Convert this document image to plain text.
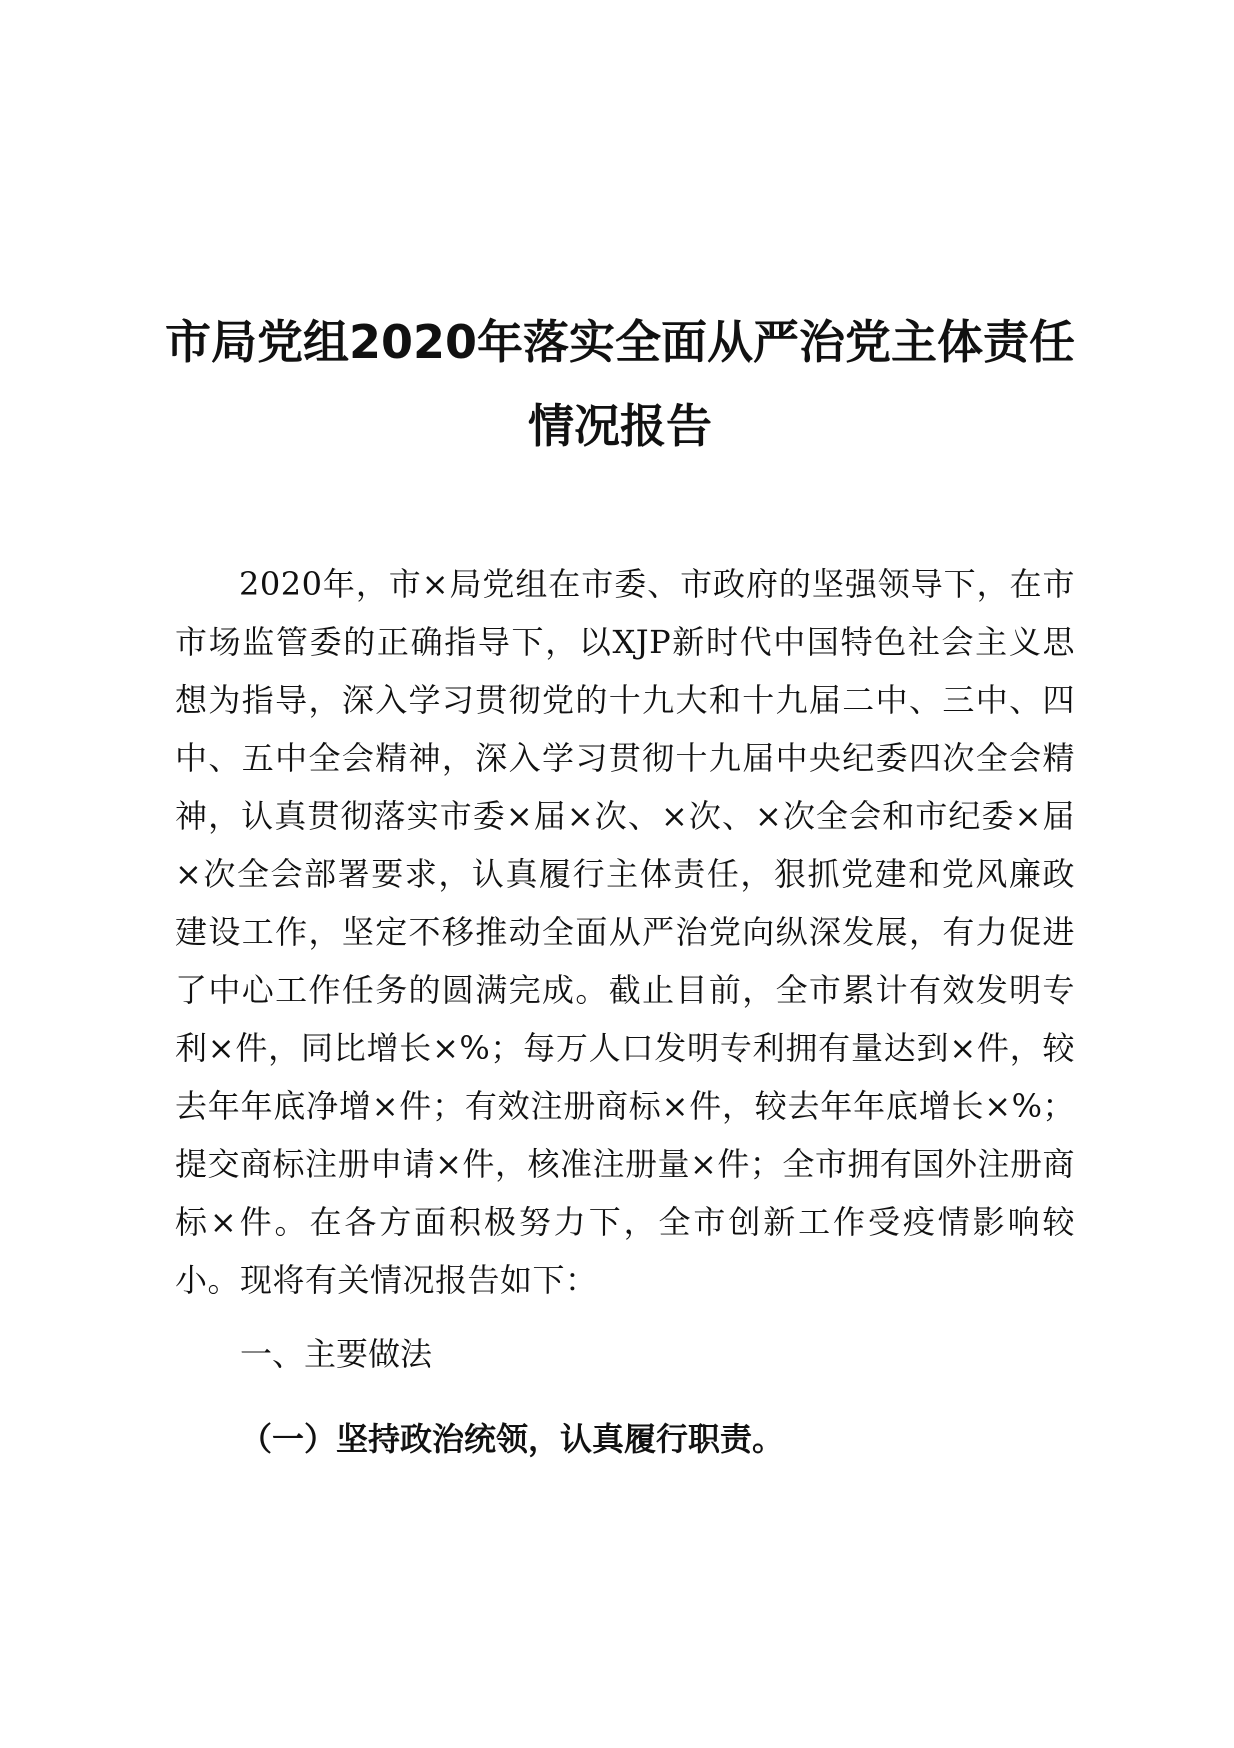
市局党组2020年落实全面从严治党主体责任情况报告

2020年，市×局党组在市委、市政府的坚强领导下，在市市场监管委的正确指导下，以XJP新时代中国特色社会主义思想为指导，深入学习贯彻党的十九大和十九届二中、三中、四中、五中全会精神，深入学习贯彻十九届中央纪委四次全会精神，认真贯彻落实市委×届×次、×次、×次全会和市纪委×届×次全会部署要求，认真履行主体责任，狠抓党建和党风廉政建设工作，坚定不移推动全面从严治党向纵深发展，有力促进了中心工作任务的圆满完成。截止目前，全市累计有效发明专利×件，同比增长×%；每万人口发明专利拥有量达到×件，较去年年底净增×件；有效注册商标×件，较去年年底增长×%；提交商标注册申请×件，核准注册量×件；全市拥有国外注册商标×件。在各方面积极努力下，全市创新工作受疫情影响较小。现将有关情况报告如下：

一、主要做法

（一）坚持政治统领，认真履行职责。
